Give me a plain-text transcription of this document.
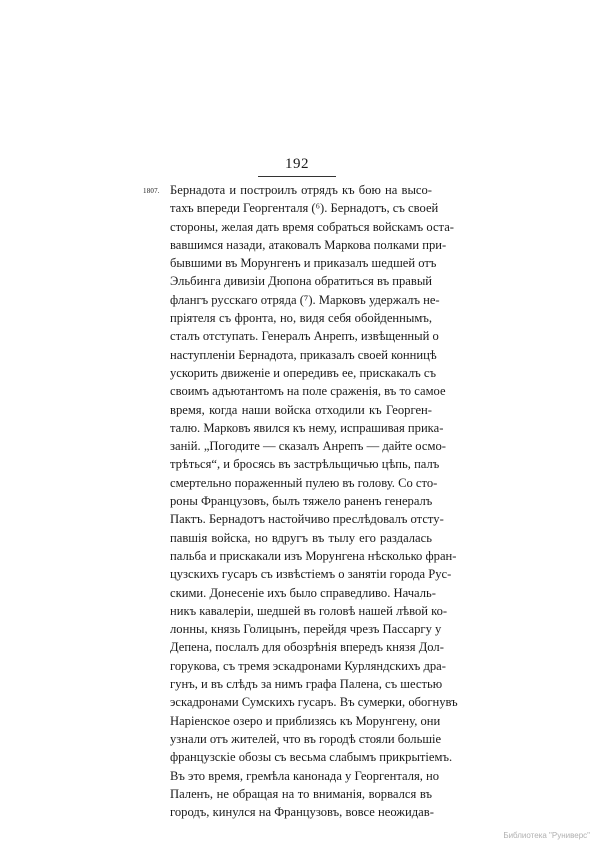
192
1807. Бернадота и построилъ отрядъ къ бою на высо-
тахъ впереди Георгенталя (⁶). Бернадотъ, съ своей
стороны, желая дать время собраться войскамъ оста-
вавшимся назади, атаковалъ Маркова полками при-
бывшими въ Морунгенъ и приказалъ шедшей отъ
Эльбинга дивизіи Дюпона обратиться въ правый
флангъ русскаго отряда (⁷). Марковъ удержалъ не-
пріятеля съ фронта, но, видя себя обойденнымъ,
сталъ отступать. Генералъ Анрепъ, извѣщенный о
наступленіи Бернадота, приказалъ своей конницѣ
ускорить движеніе и опередивъ ее, прискакалъ съ
своимъ адъютантомъ на поле сраженія, въ то самое
время, когда наши войска отходили къ Георген-
талю. Марковъ явился къ нему, испрашивая прика-
заній. „Погодите — сказалъ Анрепъ — дайте осмо-
трѣться“, и бросясь въ застрѣльщичью цѣпь, палъ
смертельно пораженный пулею въ голову. Со сто-
роны Французовъ, былъ тяжело раненъ генералъ
Пактъ. Бернадотъ настойчиво преслѣдовалъ отсту-
павшія войска, но вдругъ въ тылу его раздалась
пальба и прискакали изъ Морунгена нѣсколько фран-
цузскихъ гусаръ съ извѣстіемъ о занятіи города Рус-
скими. Донесеніе ихъ было справедливо. Началь-
никъ кавалеріи, шедшей въ головѣ нашей лѣвой ко-
лонны, князь Голицынъ, перейдя чрезъ Пассаргу у
Депена, послалъ для обозрѣнія впередъ князя Дол-
горукова, съ тремя эскадронами Курляндскихъ дра-
гунъ, и въ слѣдъ за нимъ графа Палена, съ шестью
эскадронами Сумскихъ гусаръ. Въ сумерки, обогнувъ
Наріенское озеро и приблизясь къ Морунгену, они
узнали отъ жителей, что въ городѣ стояли большіе
французскіе обозы съ весьма слабымъ прикрытіемъ.
Въ это время, гремѣла канонада у Георгенталя, но
Паленъ, не обращая на то вниманія, ворвался въ
городъ, кинулся на Французовъ, вовсе неожидав-
Библиотека "Руниверс"
